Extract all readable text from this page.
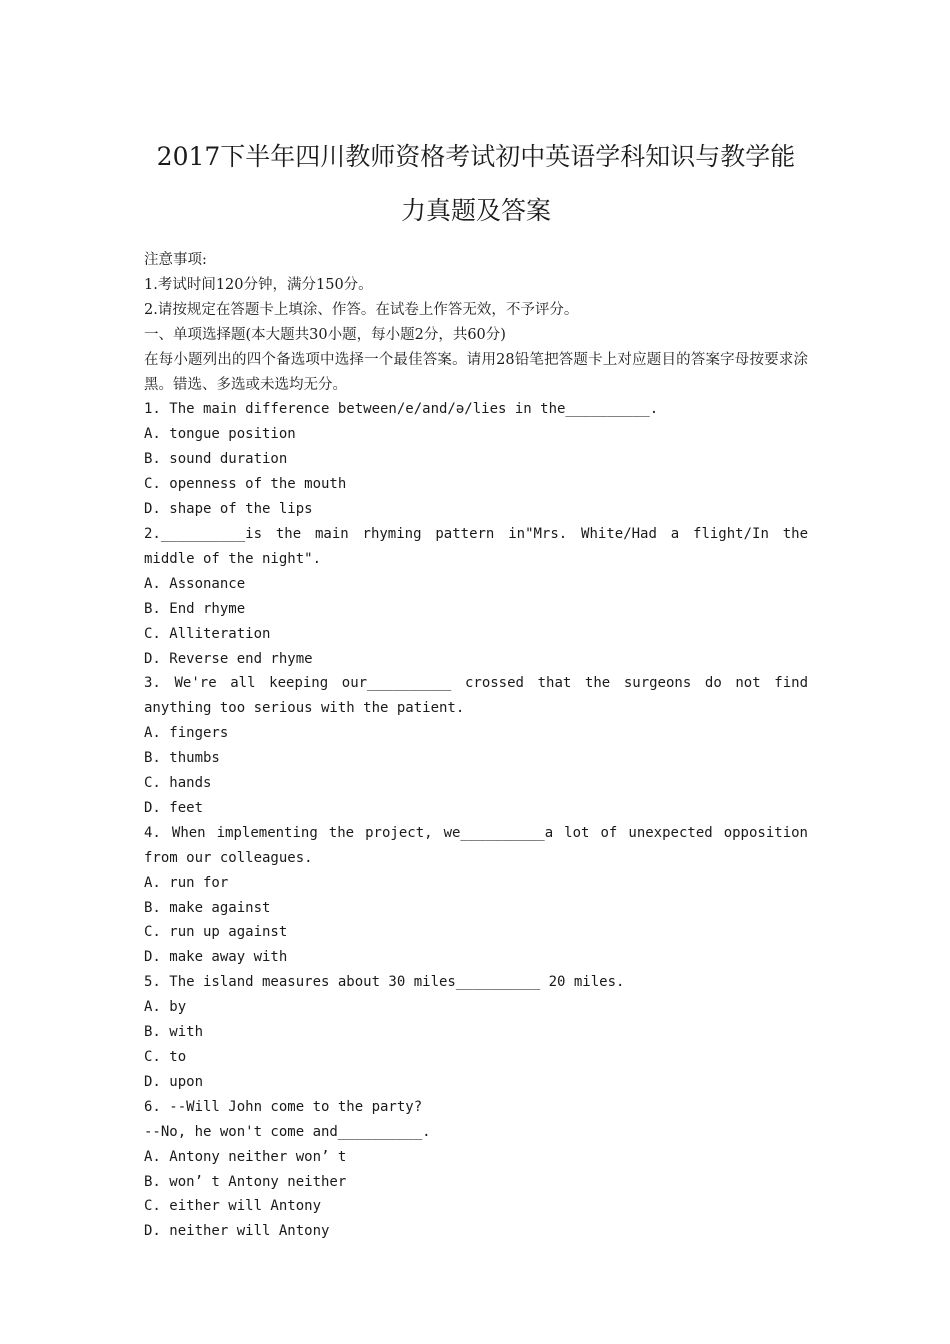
2017下半年四川教师资格考试初中英语学科知识与教学能
力真题及答案
注意事项:
1.考试时间120分钟，满分150分。
2.请按规定在答题卡上填涂、作答。在试卷上作答无效，不予评分。
一、单项选择题(本大题共30小题，每小题2分，共60分)
在每小题列出的四个备选项中选择一个最佳答案。请用28铅笔把答题卡上对应题目的答案字母按要求涂黑。错选、多选或未选均无分。
1. The main difference between/e/and/ə/lies in the__________.
A. tongue position
B. sound duration
C. openness of the mouth
D. shape of the lips
2.__________is the main rhyming pattern in"Mrs. White/Had a flight/In the middle of the night".
A. Assonance
B. End rhyme
C. Alliteration
D. Reverse end rhyme
3. We're all keeping our__________ crossed that the surgeons do not find anything too serious with the patient.
A. fingers
B. thumbs
C. hands
D. feet
4. When implementing the project, we__________a lot of unexpected opposition from our colleagues.
A. run for
B. make against
C. run up against
D. make away with
5. The island measures about 30 miles__________ 20 miles.
A. by
B. with
C. to
D. upon
6. --Will John come to the party?
--No, he won't come and__________.
A. Antony neither won’ t
B. won’ t Antony neither
C. either will Antony
D. neither will Antony
